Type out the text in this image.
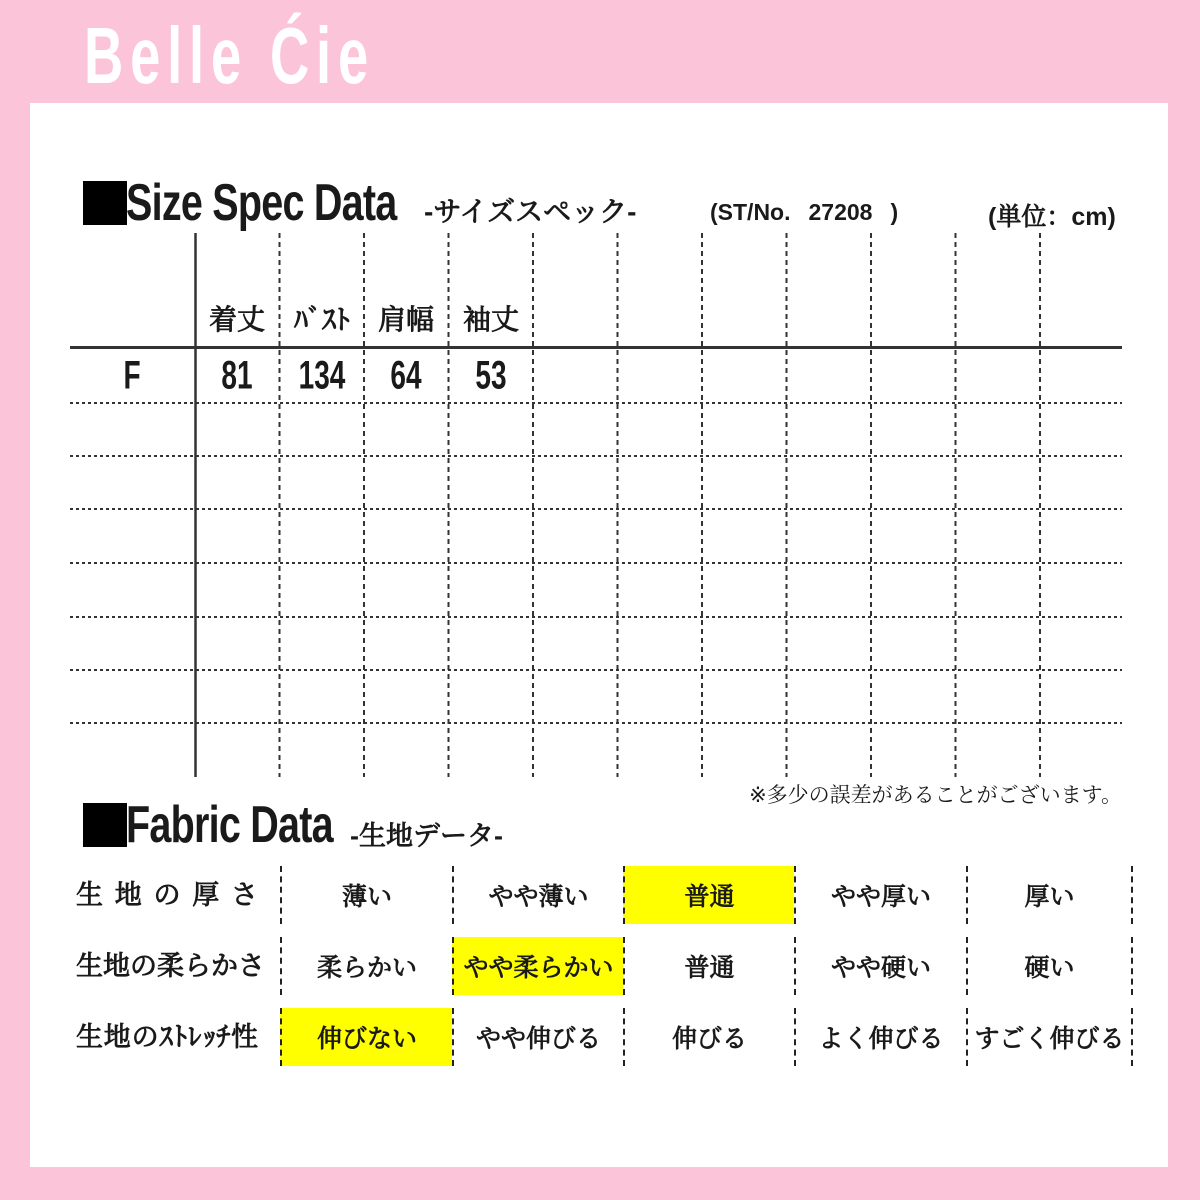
Belle Ćie
Size Spec Data -サイズスペック-	(ST/No. 27208 )	(単位：cm)
着丈 ﾊﾞｽﾄ 肩幅 袖丈
F 81 134 64 53
※多少の誤差があることがございます。
Fabric Data -生地データ-
生地の厚さ	薄い	やや薄い	普通	やや厚い	厚い
生地の柔らかさ	柔らかい	やや柔らかい	普通	やや硬い	硬い
生地のｽﾄﾚｯﾁ性	伸びない	やや伸びる	伸びる	よく伸びる	すごく伸びる
